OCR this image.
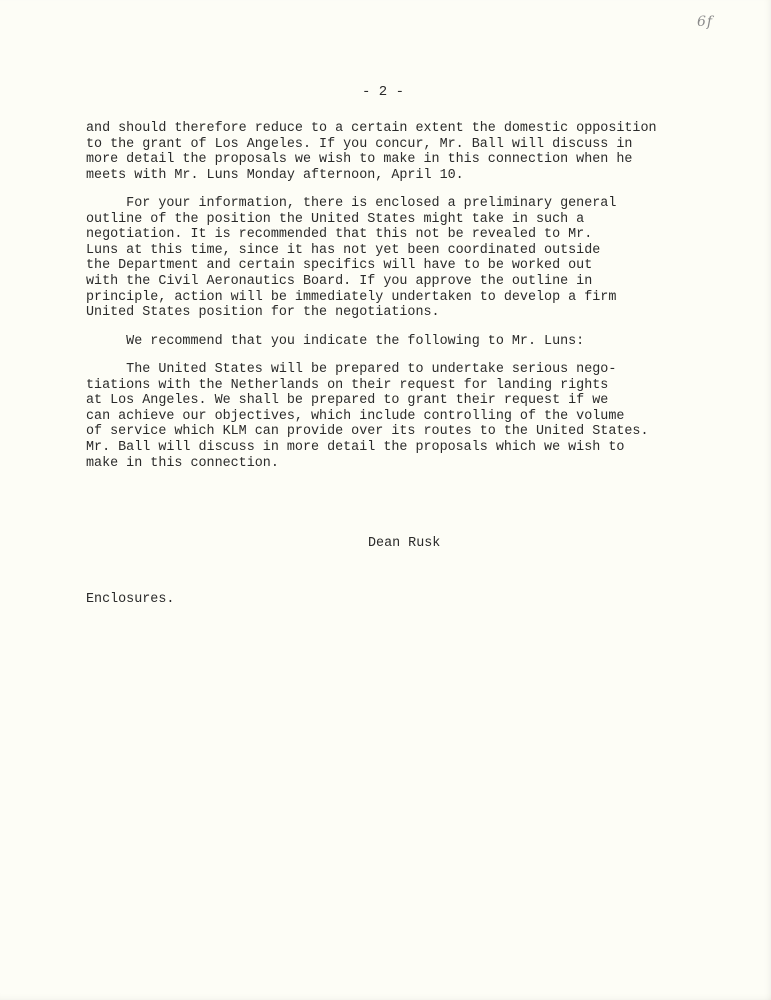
6f
- 2 -

and should therefore reduce to a certain extent the domestic opposition
to the grant of Los Angeles. If you concur, Mr. Ball will discuss in
more detail the proposals we wish to make in this connection when he
meets with Mr. Luns Monday afternoon, April 10.

For your information, there is enclosed a preliminary general
outline of the position the United States might take in such a
negotiation. It is recommended that this not be revealed to Mr.
Luns at this time, since it has not yet been coordinated outside
the Department and certain specifics will have to be worked out
with the Civil Aeronautics Board. If you approve the outline in
principle, action will be immediately undertaken to develop a firm
United States position for the negotiations.

We recommend that you indicate the following to Mr. Luns:

The United States will be prepared to undertake serious nego-
tiations with the Netherlands on their request for landing rights
at Los Angeles. We shall be prepared to grant their request if we
can achieve our objectives, which include controlling of the volume
of service which KLM can provide over its routes to the United States.
Mr. Ball will discuss in more detail the proposals which we wish to
make in this connection.

Dean Rusk
Enclosures.
